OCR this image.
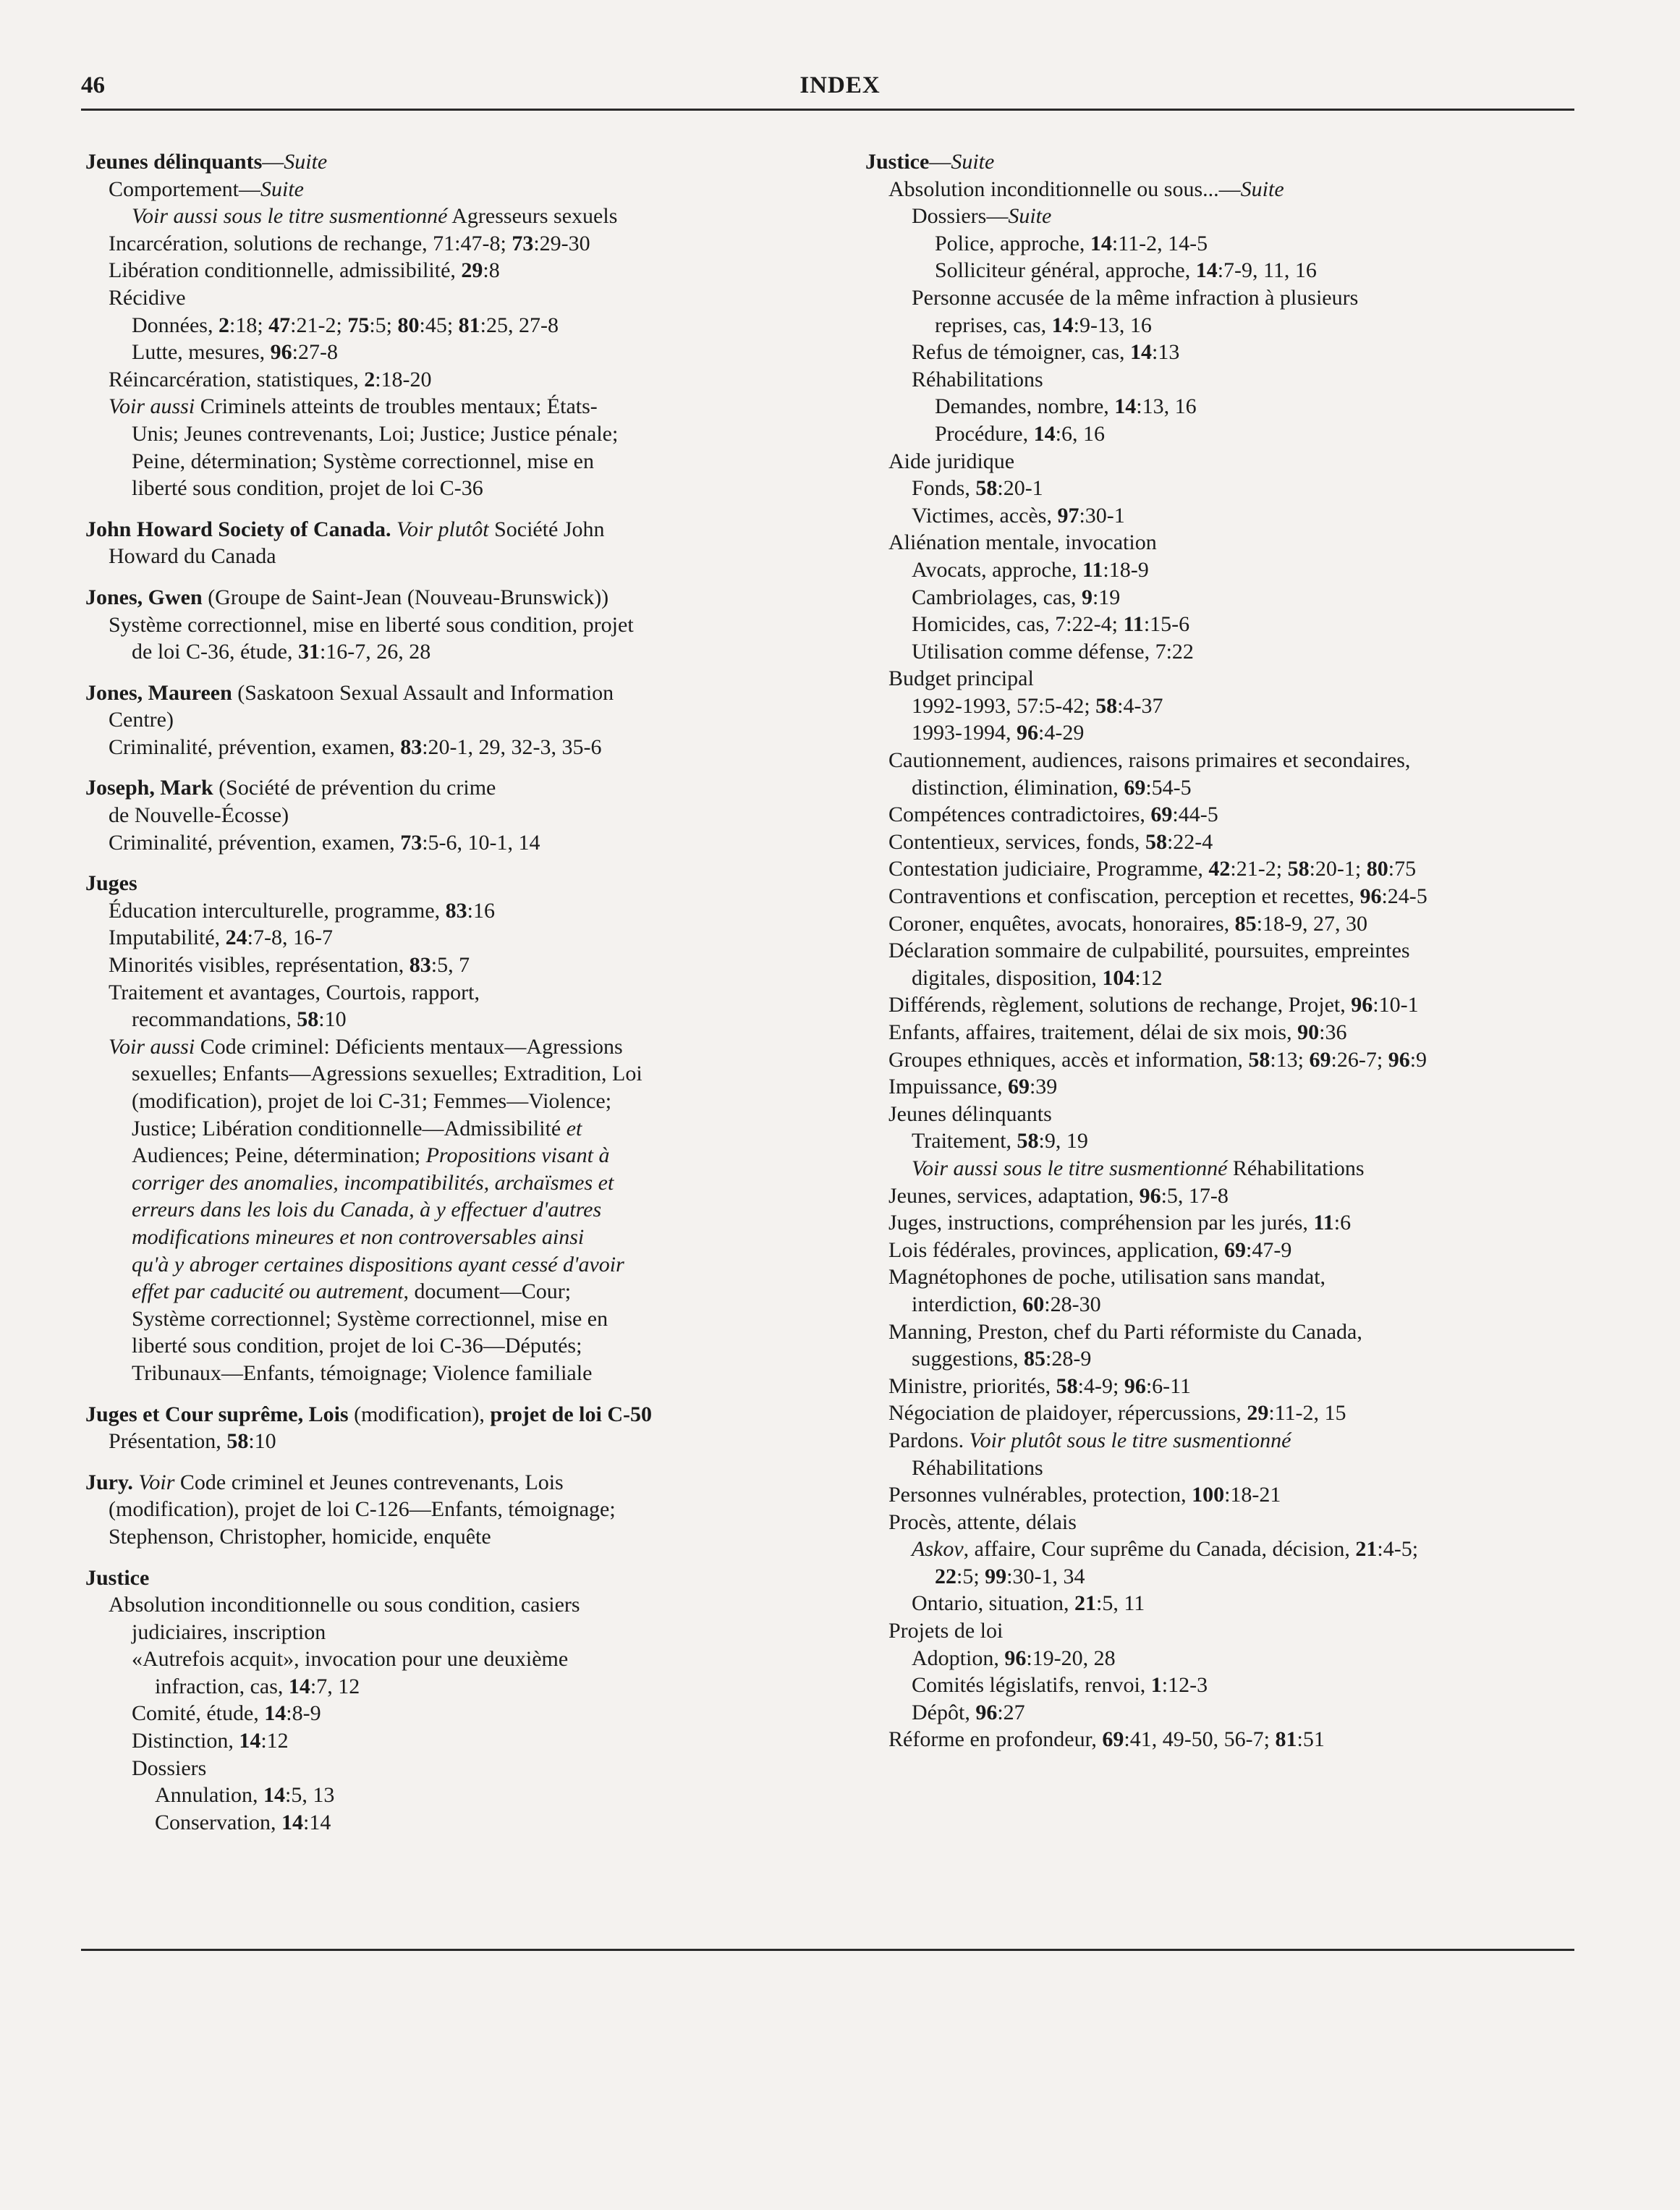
46	INDEX
Jeunes délinquants—Suite
Comportement—Suite
Voir aussi sous le titre susmentionné Agresseurs sexuels
Incarcération, solutions de rechange, 71:47-8; 73:29-30
Libération conditionnelle, admissibilité, 29:8
Récidive
Données, 2:18; 47:21-2; 75:5; 80:45; 81:25, 27-8
Lutte, mesures, 96:27-8
Réincarcération, statistiques, 2:18-20
Voir aussi Criminels atteints de troubles mentaux; États-
Unis; Jeunes contrevenants, Loi; Justice; Justice pénale;
Peine, détermination; Système correctionnel, mise en
liberté sous condition, projet de loi C-36
John Howard Society of Canada. Voir plutôt Société John
Howard du Canada
Jones, Gwen (Groupe de Saint-Jean (Nouveau-Brunswick))
Système correctionnel, mise en liberté sous condition, projet
de loi C-36, étude, 31:16-7, 26, 28
Jones, Maureen (Saskatoon Sexual Assault and Information
Centre)
Criminalité, prévention, examen, 83:20-1, 29, 32-3, 35-6
Joseph, Mark (Société de prévention du crime
de Nouvelle-Écosse)
Criminalité, prévention, examen, 73:5-6, 10-1, 14
Juges
Éducation interculturelle, programme, 83:16
Imputabilité, 24:7-8, 16-7
Minorités visibles, représentation, 83:5, 7
Traitement et avantages, Courtois, rapport,
recommandations, 58:10
Voir aussi Code criminel: Déficients mentaux—Agressions
sexuelles; Enfants—Agressions sexuelles; Extradition, Loi
(modification), projet de loi C-31; Femmes—Violence;
Justice; Libération conditionnelle—Admissibilité et
Audiences; Peine, détermination; Propositions visant à
corriger des anomalies, incompatibilités, archaïsmes et
erreurs dans les lois du Canada, à y effectuer d'autres
modifications mineures et non controversables ainsi
qu'à y abroger certaines dispositions ayant cessé d'avoir
effet par caducité ou autrement, document—Cour;
Système correctionnel; Système correctionnel, mise en
liberté sous condition, projet de loi C-36—Députés;
Tribunaux—Enfants, témoignage; Violence familiale
Juges et Cour suprême, Lois (modification), projet de loi C-50
Présentation, 58:10
Jury. Voir Code criminel et Jeunes contrevenants, Lois
(modification), projet de loi C-126—Enfants, témoignage;
Stephenson, Christopher, homicide, enquête
Justice
Absolution inconditionnelle ou sous condition, casiers
judiciaires, inscription
«Autrefois acquit», invocation pour une deuxième
infraction, cas, 14:7, 12
Comité, étude, 14:8-9
Distinction, 14:12
Dossiers
Annulation, 14:5, 13
Conservation, 14:14
Justice—Suite
Absolution inconditionnelle ou sous...—Suite
Dossiers—Suite
Police, approche, 14:11-2, 14-5
Solliciteur général, approche, 14:7-9, 11, 16
Personne accusée de la même infraction à plusieurs
reprises, cas, 14:9-13, 16
Refus de témoigner, cas, 14:13
Réhabilitations
Demandes, nombre, 14:13, 16
Procédure, 14:6, 16
Aide juridique
Fonds, 58:20-1
Victimes, accès, 97:30-1
Aliénation mentale, invocation
Avocats, approche, 11:18-9
Cambriolages, cas, 9:19
Homicides, cas, 7:22-4; 11:15-6
Utilisation comme défense, 7:22
Budget principal
1992-1993, 57:5-42; 58:4-37
1993-1994, 96:4-29
Cautionnement, audiences, raisons primaires et secondaires,
distinction, élimination, 69:54-5
Compétences contradictoires, 69:44-5
Contentieux, services, fonds, 58:22-4
Contestation judiciaire, Programme, 42:21-2; 58:20-1; 80:75
Contraventions et confiscation, perception et recettes, 96:24-5
Coroner, enquêtes, avocats, honoraires, 85:18-9, 27, 30
Déclaration sommaire de culpabilité, poursuites, empreintes
digitales, disposition, 104:12
Différends, règlement, solutions de rechange, Projet, 96:10-1
Enfants, affaires, traitement, délai de six mois, 90:36
Groupes ethniques, accès et information, 58:13; 69:26-7; 96:9
Impuissance, 69:39
Jeunes délinquants
Traitement, 58:9, 19
Voir aussi sous le titre susmentionné Réhabilitations
Jeunes, services, adaptation, 96:5, 17-8
Juges, instructions, compréhension par les jurés, 11:6
Lois fédérales, provinces, application, 69:47-9
Magnétophones de poche, utilisation sans mandat,
interdiction, 60:28-30
Manning, Preston, chef du Parti réformiste du Canada,
suggestions, 85:28-9
Ministre, priorités, 58:4-9; 96:6-11
Négociation de plaidoyer, répercussions, 29:11-2, 15
Pardons. Voir plutôt sous le titre susmentionné
Réhabilitations
Personnes vulnérables, protection, 100:18-21
Procès, attente, délais
Askov, affaire, Cour suprême du Canada, décision, 21:4-5;
22:5; 99:30-1, 34
Ontario, situation, 21:5, 11
Projets de loi
Adoption, 96:19-20, 28
Comités législatifs, renvoi, 1:12-3
Dépôt, 96:27
Réforme en profondeur, 69:41, 49-50, 56-7; 81:51
